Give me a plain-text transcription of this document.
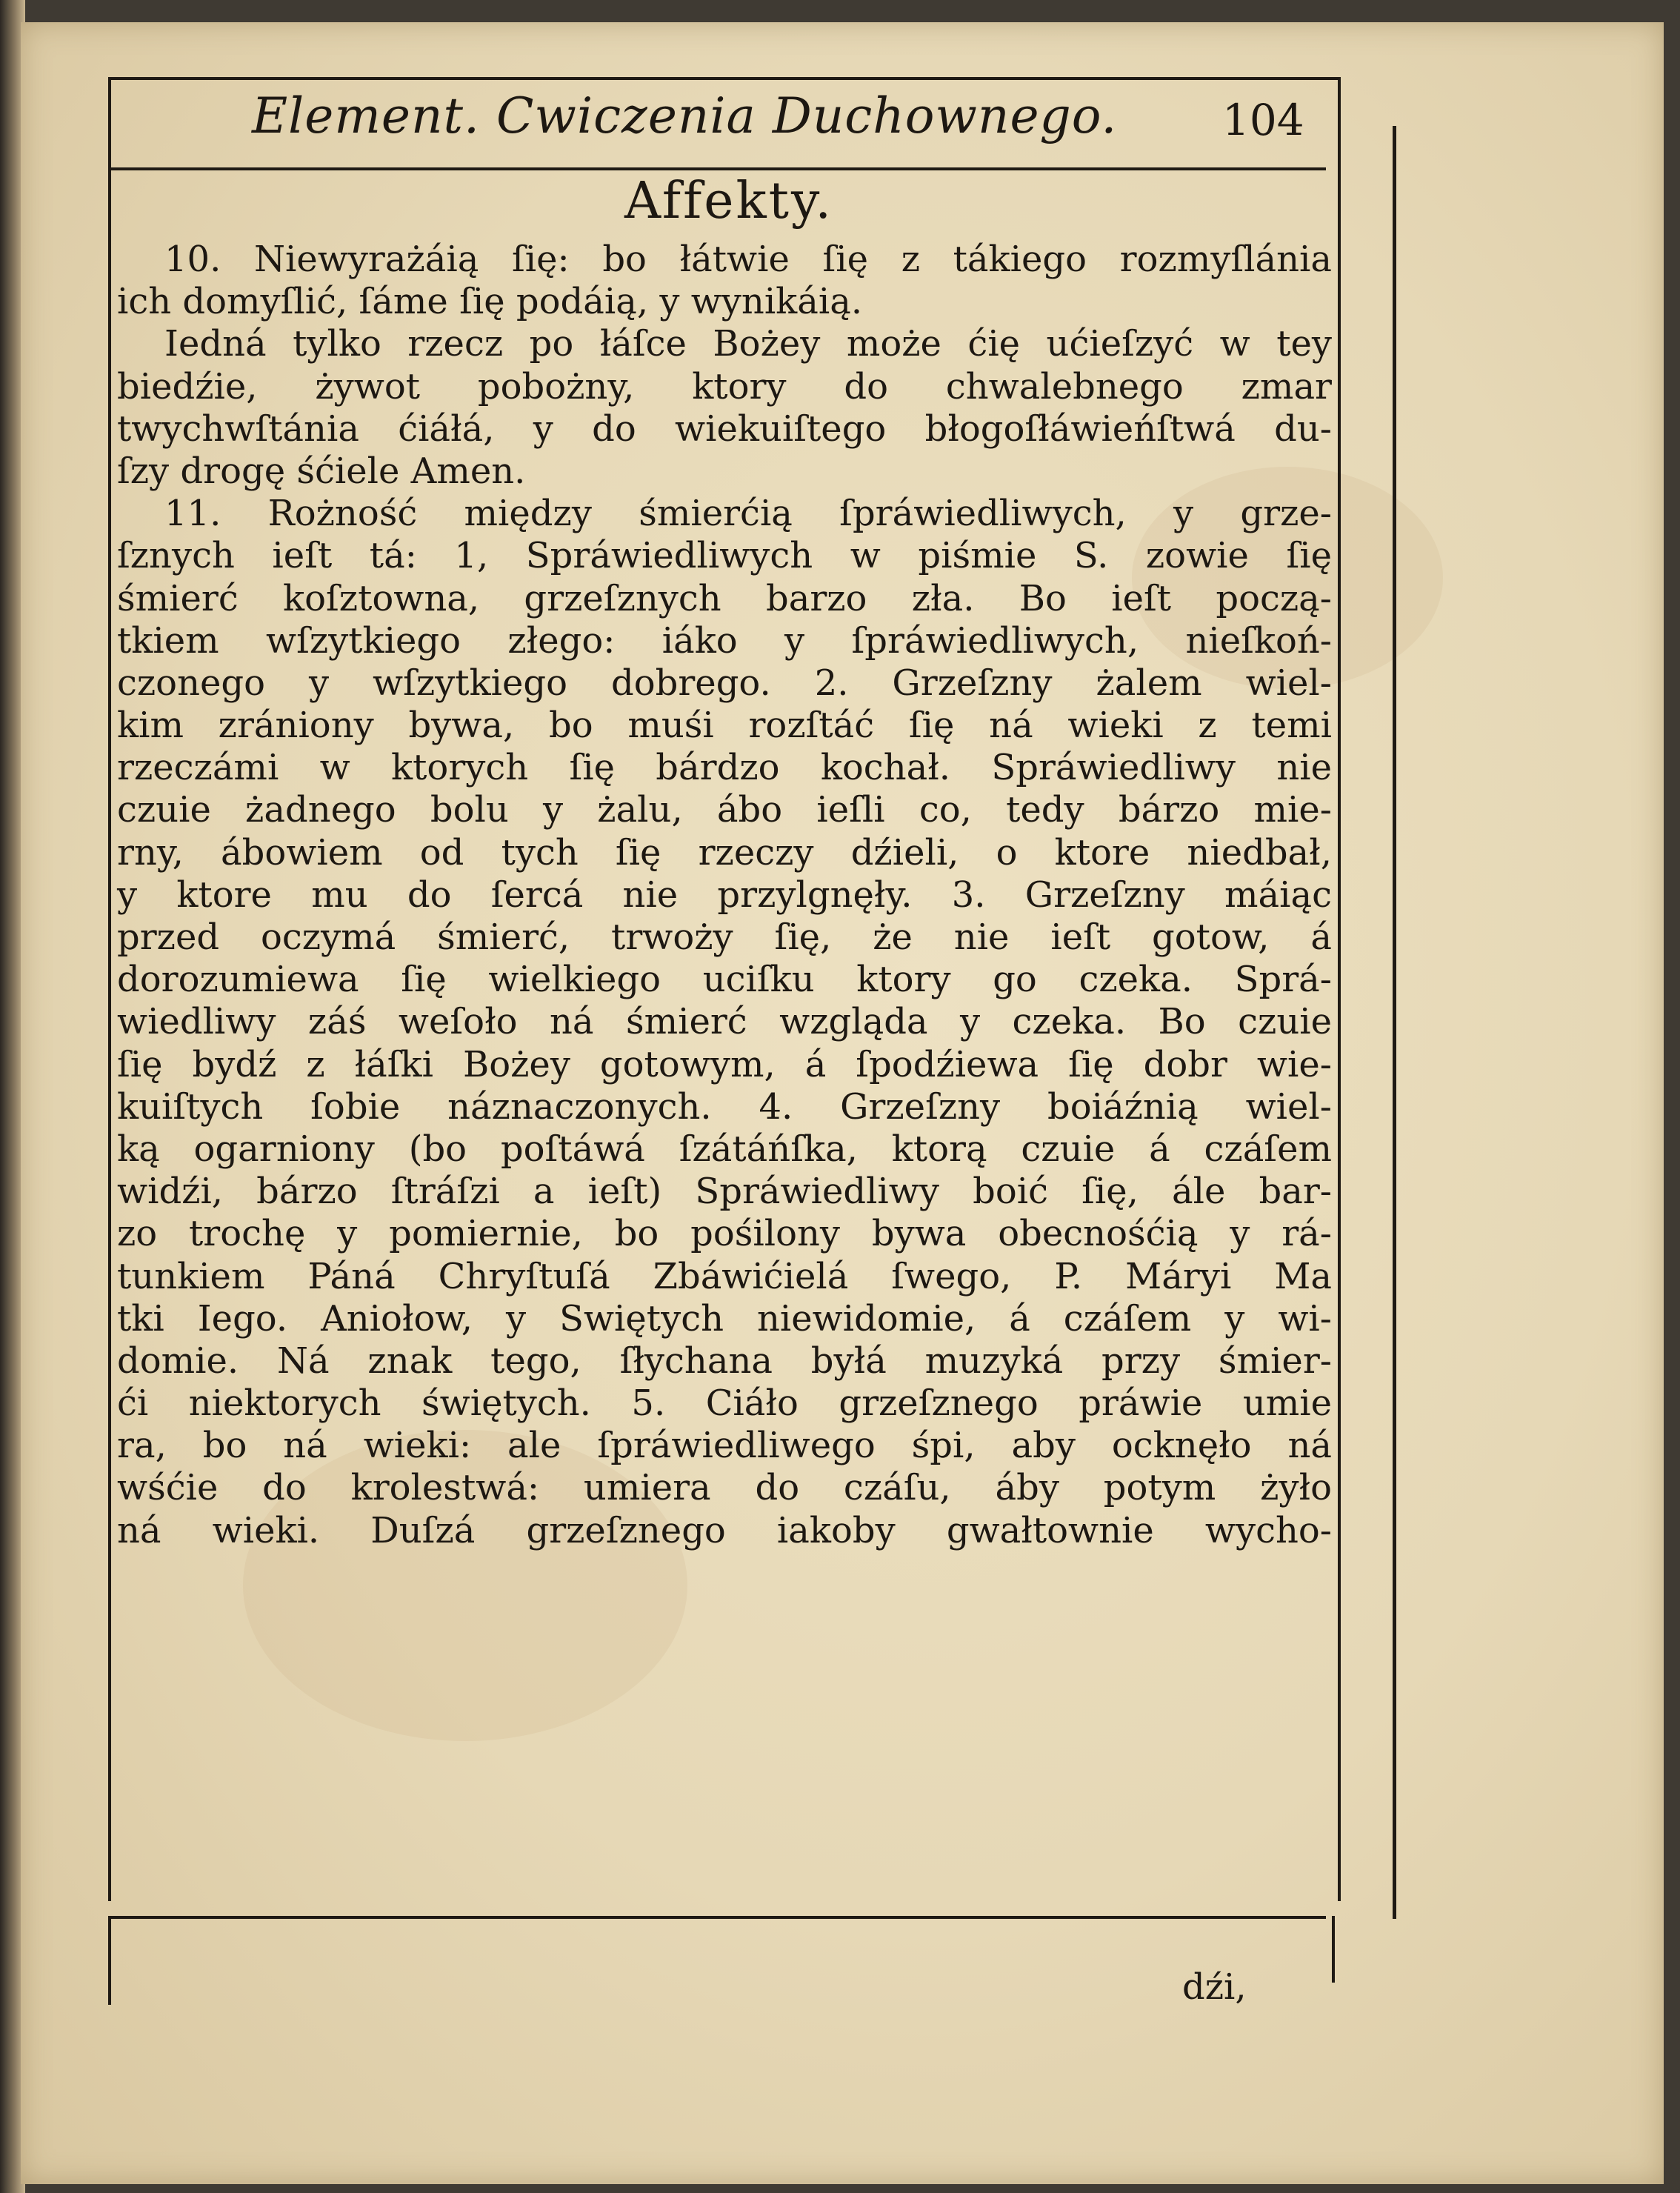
Element. Cwiczenia Duchownego. 104
Affekty.
10. Niewyrażáią ſię: bo łátwie ſię z tákiego rozmyſlánia
ich domyſlić, ſáme ſię podáią, y wynikáią.
Iedná tylko rzecz po łáſce Bożey może ćię ućieſzyć w tey
biedźie, żywot pobożny, ktory do chwalebnego zmar
twychwſtánia ćiáłá, y do wiekuiſtego błogoſłáwieńſtwá du-
ſzy drogę śćiele Amen.
11. Rożność między śmierćią ſpráwiedliwych, y grze-
ſznych ieſt tá: 1, Spráwiedliwych w piśmie S. zowie ſię
śmierć koſztowna, grzeſznych barzo zła. Bo ieſt począ-
tkiem wſzytkiego złego: iáko y ſpráwiedliwych, nieſkoń-
czonego y wſzytkiego dobrego. 2. Grzeſzny żalem wiel-
kim zrániony bywa, bo muśi rozſtáć ſię ná wieki z temi
rzeczámi w ktorych ſię bárdzo kochał. Spráwiedliwy nie
czuie żadnego bolu y żalu, ábo ieſli co, tedy bárzo mie-
rny, ábowiem od tych ſię rzeczy dźieli, o ktore niedbał,
y ktore mu do ſercá nie przylgnęły. 3. Grzeſzny máiąc
przed oczymá śmierć, trwoży ſię, że nie ieſt gotow, á
dorozumiewa ſię wielkiego uciſku ktory go czeka. Sprá-
wiedliwy záś weſoło ná śmierć wzgląda y czeka. Bo czuie
ſię bydź z łáſki Bożey gotowym, á ſpodźiewa ſię dobr wie-
kuiſtych ſobie náznaczonych. 4. Grzeſzny boiáźnią wiel-
ką ogarniony (bo poſtáwá ſzátáńſka, ktorą czuie á czáſem
widźi, bárzo ſtráſzi a ieſt) Spráwiedliwy boić ſię, ále bar-
zo trochę y pomiernie, bo pośilony bywa obecnośćią y rá-
tunkiem Páná Chryſtuſá Zbáwićielá ſwego, P. Máryi Ma
tki Iego. Aniołow, y Swiętych niewidomie, á czáſem y wi-
domie. Ná znak tego, ſłychana byłá muzyká przy śmier-
ći niektorych świętych. 5. Ciáło grzeſznego práwie umie
ra, bo ná wieki: ale ſpráwiedliwego śpi, aby ocknęło ná
wśćie do krolestwá: umiera do czáſu, áby potym żyło
ná wieki. Duſzá grzeſznego iakoby gwałtownie wycho-
dźi,
